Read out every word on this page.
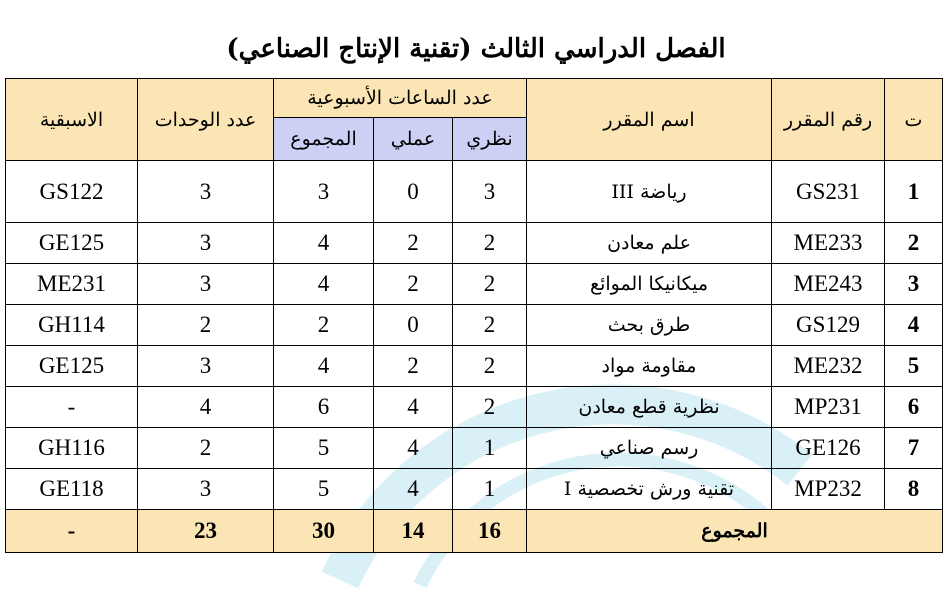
الفصل الدراسي الثالث (تقنية الإنتاج الصناعي)
ت	رقم المقرر	اسم المقرر	عدد الساعات الأسبوعية			عدد الوحدات	الاسبقية
			نظري	عملي	المجموع		
1	GS231	رياضة III	3	0	3	3	GS122
2	ME233	علم معادن	2	2	4	3	GE125
3	ME243	ميكانيكا الموائع	2	2	4	3	ME231
4	GS129	طرق بحث	2	0	2	2	GH114
5	ME232	مقاومة مواد	2	2	4	3	GE125
6	MP231	نظرية قطع معادن	2	4	6	4	-
7	GE126	رسم صناعي	1	4	5	2	GH116
8	MP232	تقنية ورش تخصصية I	1	4	5	3	GE118
المجموع			16	14	30	23	-
